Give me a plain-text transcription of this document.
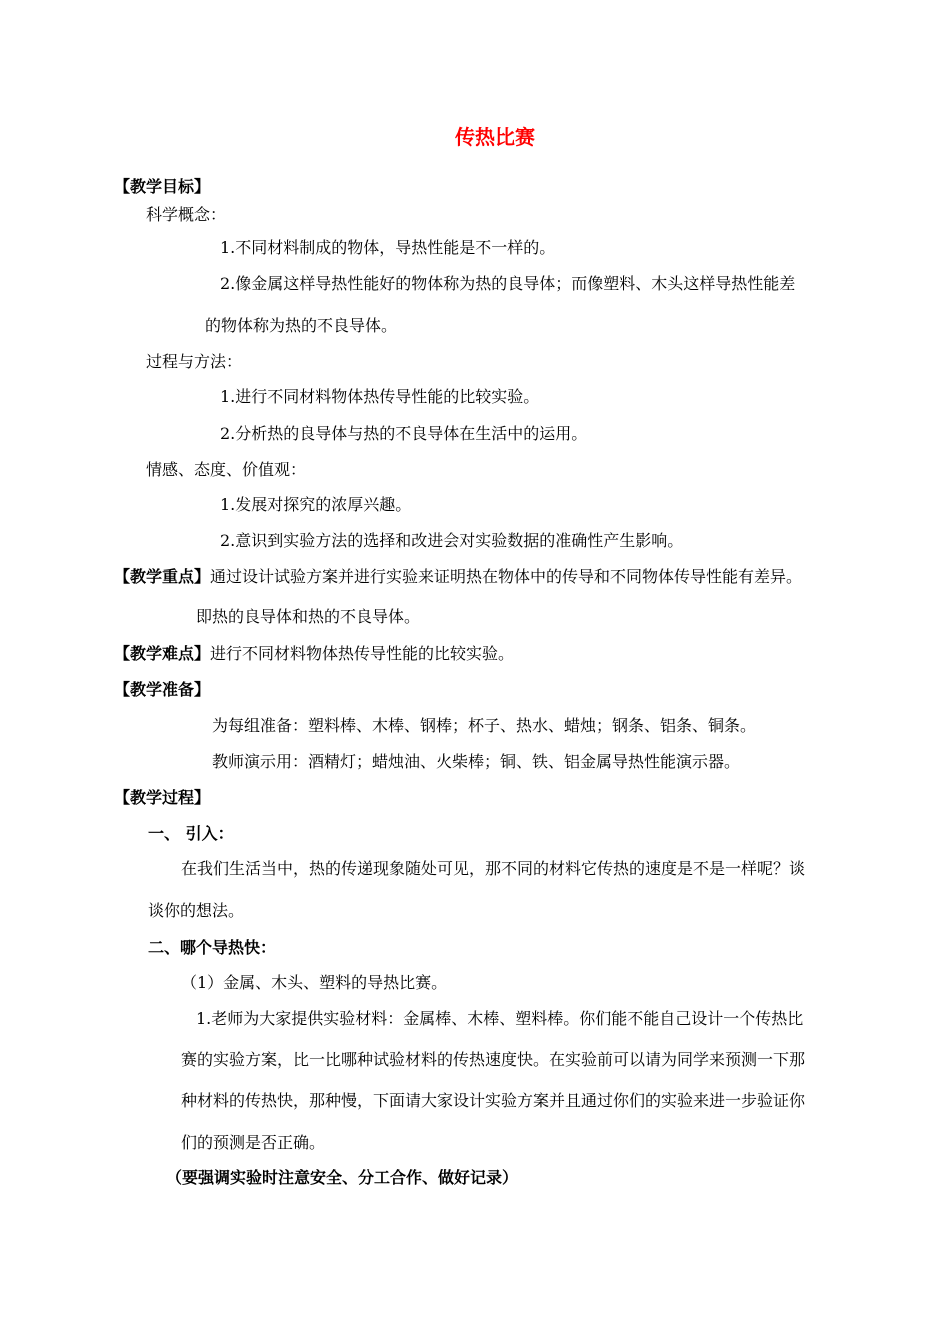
传热比赛
【教学目标】
科学概念：
1.不同材料制成的物体，导热性能是不一样的。
2.像金属这样导热性能好的物体称为热的良导体；而像塑料、木头这样导热性能差
的物体称为热的不良导体。
过程与方法：
1.进行不同材料物体热传导性能的比较实验。
2.分析热的良导体与热的不良导体在生活中的运用。
情感、态度、价值观：
1.发展对探究的浓厚兴趣。
2.意识到实验方法的选择和改进会对实验数据的准确性产生影响。
【教学重点】通过设计试验方案并进行实验来证明热在物体中的传导和不同物体传导性能有差异。
即热的良导体和热的不良导体。
【教学难点】进行不同材料物体热传导性能的比较实验。
【教学准备】
为每组准备：塑料棒、木棒、钢棒；杯子、热水、蜡烛；钢条、铝条、铜条。
教师演示用：酒精灯；蜡烛油、火柴棒；铜、铁、铝金属导热性能演示器。
【教学过程】
一、 引入：
在我们生活当中，热的传递现象随处可见，那不同的材料它传热的速度是不是一样呢？谈
谈你的想法。
二、哪个导热快：
（1）金属、木头、塑料的导热比赛。
1.老师为大家提供实验材料：金属棒、木棒、塑料棒。你们能不能自己设计一个传热比
赛的实验方案，比一比哪种试验材料的传热速度快。在实验前可以请为同学来预测一下那
种材料的传热快，那种慢，下面请大家设计实验方案并且通过你们的实验来进一步验证你
们的预测是否正确。
（要强调实验时注意安全、分工合作、做好记录）
